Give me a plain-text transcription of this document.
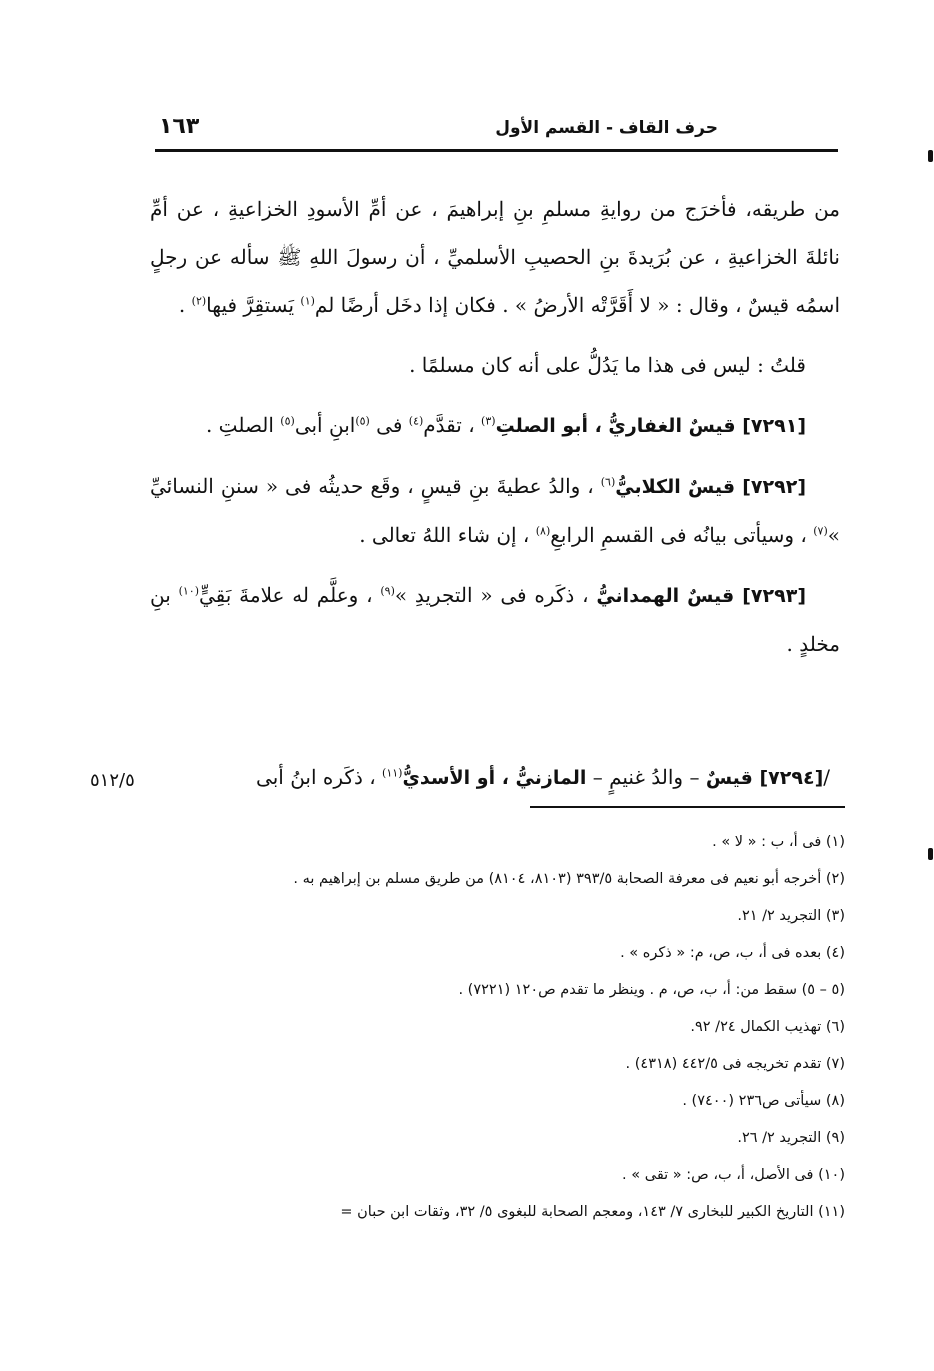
حرف القاف - القسم الأول
١٦٣

من طريقه، فأخرَج من روايةِ مسلمِ بنِ إبراهيمَ ، عن أمِّ الأسودِ الخزاعيةِ ، عن أمِّ نائلةَ الخزاعيةِ ، عن بُرَيدةَ بنِ الحصيبِ الأسلميِّ ، أن رسولَ اللهِ ﷺ سأله عن رجلٍ اسمُه قيسٌ ، وقال : « لا أَقَرَّتْه الأرضُ » . فكان إذا دخَل أرضًا لم$^{(١)}$ يَستقِرَّ فيها$^{(٢)}$ .

قلتُ : ليس فى هذا ما يَدُلُّ على أنه كان مسلمًا .

[٧٢٩١] قيسٌ الغفاريُّ ، أبو الصلتِ$^{(٣)}$ ، تقدَّم$^{(٤)}$ فى $^{(٥)}$ابنِ أبى$^{(٥)}$ الصلتِ .

[٧٢٩٢] قيسٌ الكلابيُّ$^{(٦)}$ ، والدُ عطيةَ بنِ قيسٍ ، وقَع حديثُه فى « سننِ النسائيِّ »$^{(٧)}$ ، وسيأتى بيانُه فى القسمِ الرابعِ$^{(٨)}$ ، إن شاء اللهُ تعالى .

[٧٢٩٣] قيسٌ الهمدانيُّ ، ذكَره فى « التجريدِ »$^{(٩)}$ ، وعلَّم له علامةَ بَقِيٍّ$^{(١٠)}$ بنِ مخلدٍ .

/[٧٢٩٤] قيسٌ – والدُ غنيمٍ – المازنيُّ ، أو الأسديُّ$^{(١١)}$ ، ذكَره ابنُ أبى
٥١٢/٥

(١) فى أ، ب : « لا » .

(٢) أخرجه أبو نعيم فى معرفة الصحابة ٣٩٣/٥ (٨١٠٣، ٨١٠٤) من طريق مسلم بن إبراهيم به .

(٣) التجريد ٢/ ٢١.

(٤) بعده فى أ، ب، ص، م: « ذكره » .

(٥ – ٥) سقط من: أ، ب، ص، م . وينظر ما تقدم ص١٢٠ (٧٢٢١) .

(٦) تهذيب الكمال ٢٤/ ٩٢.

(٧) تقدم تخريجه فى ٤٤٢/٥ (٤٣١٨) .

(٨) سيأتى ص٢٣٦ (٧٤٠٠) .

(٩) التجريد ٢/ ٢٦.

(١٠) فى الأصل، أ، ب، ص: « تقى » .

(١١) التاريخ الكبير للبخارى ٧/ ١٤٣، ومعجم الصحابة للبغوى ٥/ ٣٢، وثقات ابن حبان =
